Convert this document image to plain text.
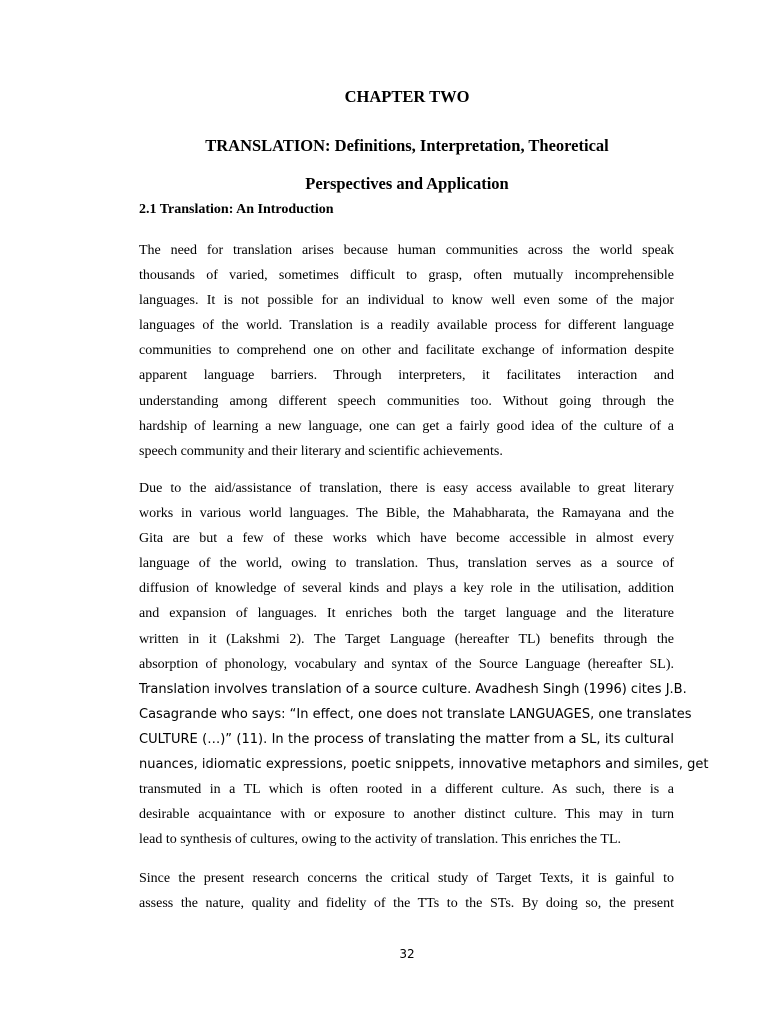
CHAPTER TWO

TRANSLATION: Definitions, Interpretation, Theoretical
Perspectives and Application
2.1 Translation: An Introduction

The need for translation arises because human communities across the world speak
thousands of varied, sometimes difficult to grasp, often mutually incomprehensible
languages. It is not possible for an individual to know well even some of the major
languages of the world. Translation is a readily available process for different language
communities to comprehend one on other and facilitate exchange of information despite
apparent language barriers. Through interpreters, it facilitates interaction and
understanding among different speech communities too. Without going through the
hardship of learning a new language, one can get a fairly good idea of the culture of a
speech community and their literary and scientific achievements.

Due to the aid/assistance of translation, there is easy access available to great literary
works in various world languages. The Bible, the Mahabharata, the Ramayana and the
Gita are but a few of these works which have become accessible in almost every
language of the world, owing to translation. Thus, translation serves as a source of
diffusion of knowledge of several kinds and plays a key role in the utilisation, addition
and expansion of languages. It enriches both the target language and the literature
written in it (Lakshmi 2). The Target Language (hereafter TL) benefits through the
absorption of phonology, vocabulary and syntax of the Source Language (hereafter SL).
Translation involves translation of a source culture. Avadhesh Singh (1996) cites J.B.
Casagrande who says: “In effect, one does not translate LANGUAGES, one translates
CULTURE (…)” (11). In the process of translating the matter from a SL, its cultural
nuances, idiomatic expressions, poetic snippets, innovative metaphors and similes, get
transmuted in a TL which is often rooted in a different culture. As such, there is a
desirable acquaintance with or exposure to another distinct culture. This may in turn
lead to synthesis of cultures, owing to the activity of translation. This enriches the TL.

Since the present research concerns the critical study of Target Texts, it is gainful to
assess the nature, quality and fidelity of the TTs to the STs. By doing so, the present

32
